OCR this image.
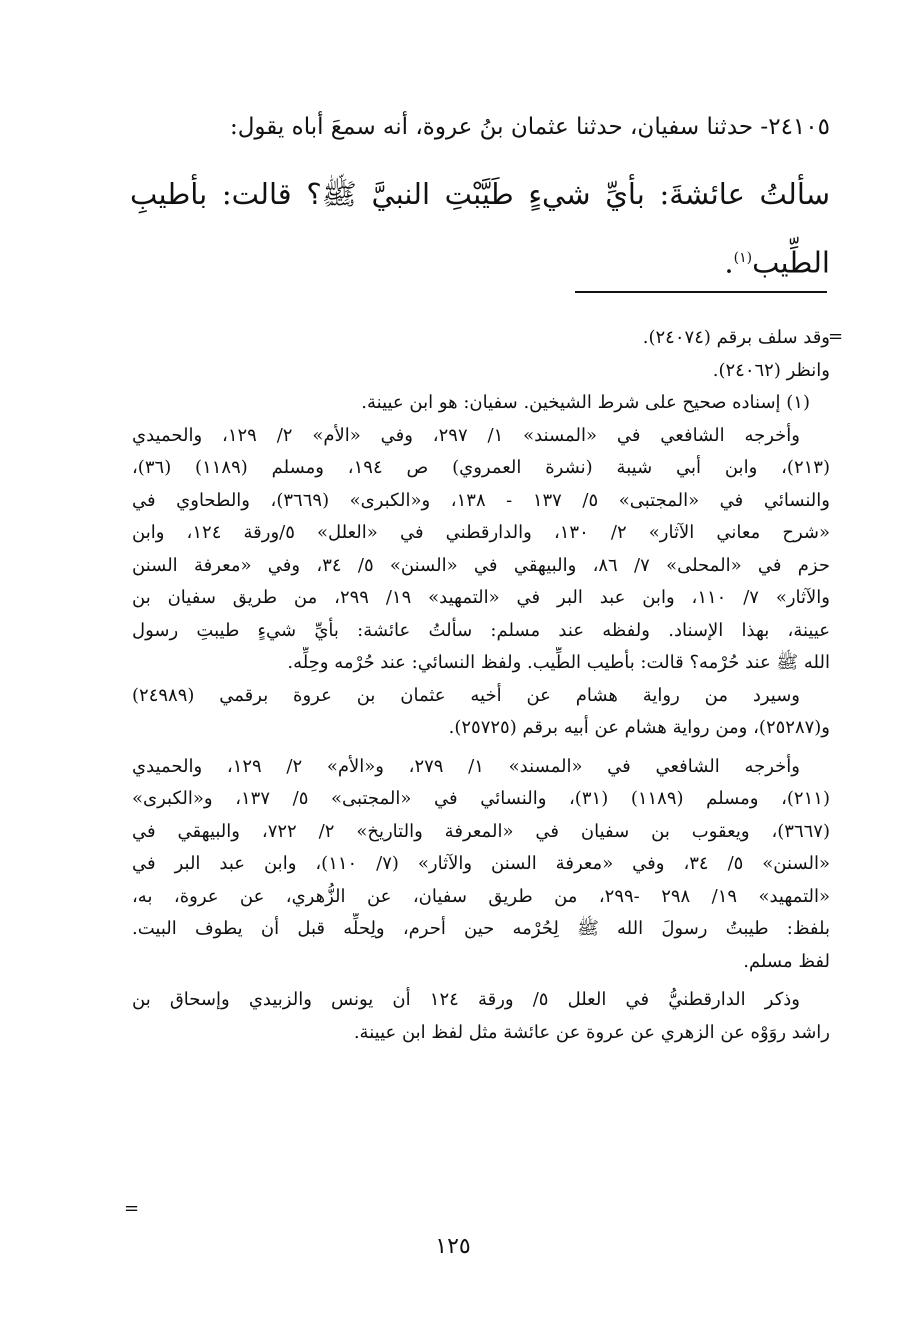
٢٤١٠٥- حدثنا سفيان، حدثنا عثمان بنُ عروة، أنه سمعَ أباه يقول:

سألتُ عائشةَ: بأيِّ شيءٍ طَيَّبْتِ النبيَّ ﷺ؟ قالت: بأطيبِ

الطِّيب$^{(١)}$.

=

وقد سلف برقم (٢٤٠٧٤).

وانظر (٢٤٠٦٢).

(١) إسناده صحيح على شرط الشيخين. سفيان: هو ابن عيينة.

وأخرجه الشافعي في «المسند» ١/ ٢٩٧، وفي «الأم» ٢/ ١٢٩، والحميدي

(٢١٣)، وابن أبي شيبة (نشرة العمروي) ص ١٩٤، ومسلم (١١٨٩) (٣٦)،

والنسائي في «المجتبى» ٥/ ١٣٧ - ١٣٨، و«الكبرى» (٣٦٦٩)، والطحاوي في

«شرح معاني الآثار» ٢/ ١٣٠، والدارقطني في «العلل» ٥/ورقة ١٢٤، وابن

حزم في «المحلى» ٧/ ٨٦، والبيهقي في «السنن» ٥/ ٣٤، وفي «معرفة السنن

والآثار» ٧/ ١١٠، وابن عبد البر في «التمهيد» ١٩/ ٢٩٩، من طريق سفيان بن

عيينة، بهذا الإسناد. ولفظه عند مسلم: سألتُ عائشة: بأيِّ شيءٍ طيبتِ رسول

الله ﷺ عند حُرْمه؟ قالت: بأطيب الطِّيب. ولفظ النسائي: عند حُرْمه وحِلِّه.

وسيرد من رواية هشام عن أخيه عثمان بن عروة برقمي (٢٤٩٨٩)

و(٢٥٢٨٧)، ومن رواية هشام عن أبيه برقم (٢٥٧٢٥).

وأخرجه الشافعي في «المسند» ١/ ٢٧٩، و«الأم» ٢/ ١٢٩، والحميدي

(٢١١)، ومسلم (١١٨٩) (٣١)، والنسائي في «المجتبى» ٥/ ١٣٧، و«الكبرى»

(٣٦٦٧)، ويعقوب بن سفيان في «المعرفة والتاريخ» ٢/ ٧٢٢، والبيهقي في

«السنن» ٥/ ٣٤، وفي «معرفة السنن والآثار» (٧/ ١١٠)، وابن عبد البر في

«التمهيد» ١٩/ ٢٩٨ -٢٩٩، من طريق سفيان، عن الزُّهري، عن عروة، به،

بلفظ: طيبتُ رسولَ الله ﷺ لِحُرْمه حين أحرم، ولِحلِّه قبل أن يطوف البيت.

لفظ مسلم.

وذكر الدارقطنيُّ في العلل ٥/ ورقة ١٢٤ أن يونس والزبيدي وإسحاق بن

راشد روَوْه عن الزهري عن عروة عن عائشة مثل لفظ ابن عيينة.

=
١٢٥
